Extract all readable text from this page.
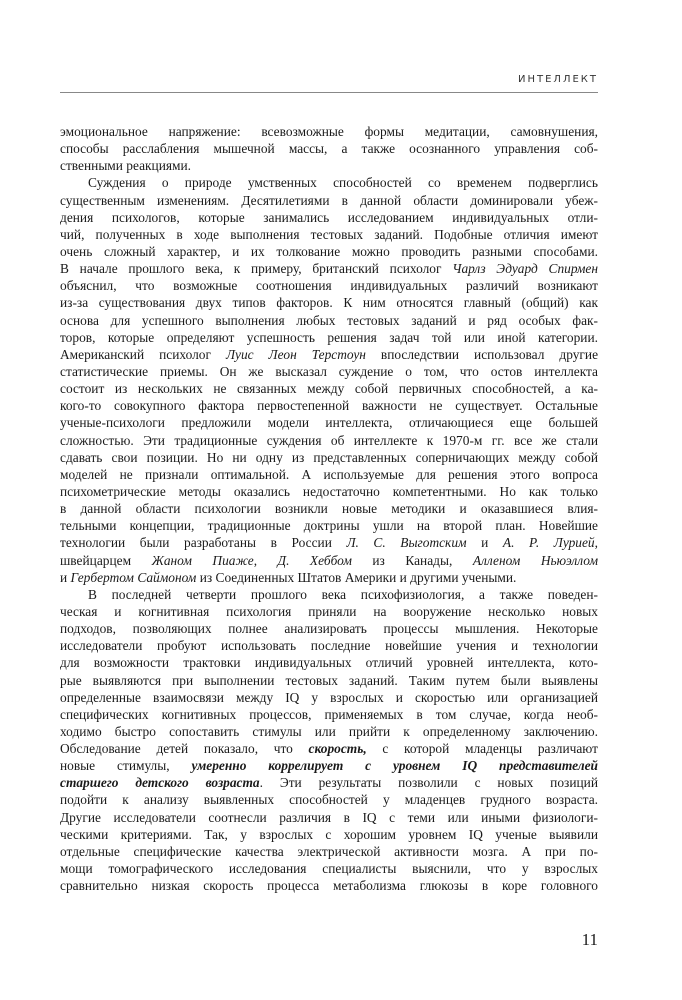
ИНТЕЛЛЕКТ
эмоциональное напряжение: всевозможные формы медитации, самовнушения,
способы расслабления мышечной массы, а также осознанного управления соб-
ственными реакциями.
Суждения о природе умственных способностей со временем подверглись
существенным изменениям. Десятилетиями в данной области доминировали убеж-
дения психологов, которые занимались исследованием индивидуальных отли-
чий, полученных в ходе выполнения тестовых заданий. Подобные отличия имеют
очень сложный характер, и их толкование можно проводить разными способами.
В начале прошлого века, к примеру, британский психолог Чарлз Эдуард Спирмен
объяснил, что возможные соотношения индивидуальных различий возникают
из-за существования двух типов факторов. К ним относятся главный (общий) как
основа для успешного выполнения любых тестовых заданий и ряд особых фак-
торов, которые определяют успешность решения задач той или иной категории.
Американский психолог Луис Леон Терстоун впоследствии использовал другие
статистические приемы. Он же высказал суждение о том, что остов интеллекта
состоит из нескольких не связанных между собой первичных способностей, а ка-
кого-то совокупного фактора первостепенной важности не существует. Остальные
ученые-психологи предложили модели интеллекта, отличающиеся еще большей
сложностью. Эти традиционные суждения об интеллекте к 1970-м гг. все же стали
сдавать свои позиции. Но ни одну из представленных соперничающих между собой
моделей не признали оптимальной. А используемые для решения этого вопроса
психометрические методы оказались недостаточно компетентными. Но как только
в данной области психологии возникли новые методики и оказавшиеся влия-
тельными концепции, традиционные доктрины ушли на второй план. Новейшие
технологии были разработаны в России Л. С. Выготским и А. Р. Лурией,
швейцарцем Жаном Пиаже, Д. Хеббом из Канады, Алленом Ньюэллом
и Гербертом Саймоном из Соединенных Штатов Америки и другими учеными.
В последней четверти прошлого века психофизиология, а также поведен-
ческая и когнитивная психология приняли на вооружение несколько новых
подходов, позволяющих полнее анализировать процессы мышления. Некоторые
исследователи пробуют использовать последние новейшие учения и технологии
для возможности трактовки индивидуальных отличий уровней интеллекта, кото-
рые выявляются при выполнении тестовых заданий. Таким путем были выявлены
определенные взаимосвязи между IQ у взрослых и скоростью или организацией
специфических когнитивных процессов, применяемых в том случае, когда необ-
ходимо быстро сопоставить стимулы или прийти к определенному заключению.
Обследование детей показало, что скорость, с которой младенцы различают
новые стимулы, умеренно коррелирует с уровнем IQ представителей
старшего детского возраста. Эти результаты позволили с новых позиций
подойти к анализу выявленных способностей у младенцев грудного возраста.
Другие исследователи соотнесли различия в IQ с теми или иными физиологи-
ческими критериями. Так, у взрослых с хорошим уровнем IQ ученые выявили
отдельные специфические качества электрической активности мозга. А при по-
мощи томографического исследования специалисты выяснили, что у взрослых
сравнительно низкая скорость процесса метаболизма глюкозы в коре головного
11
